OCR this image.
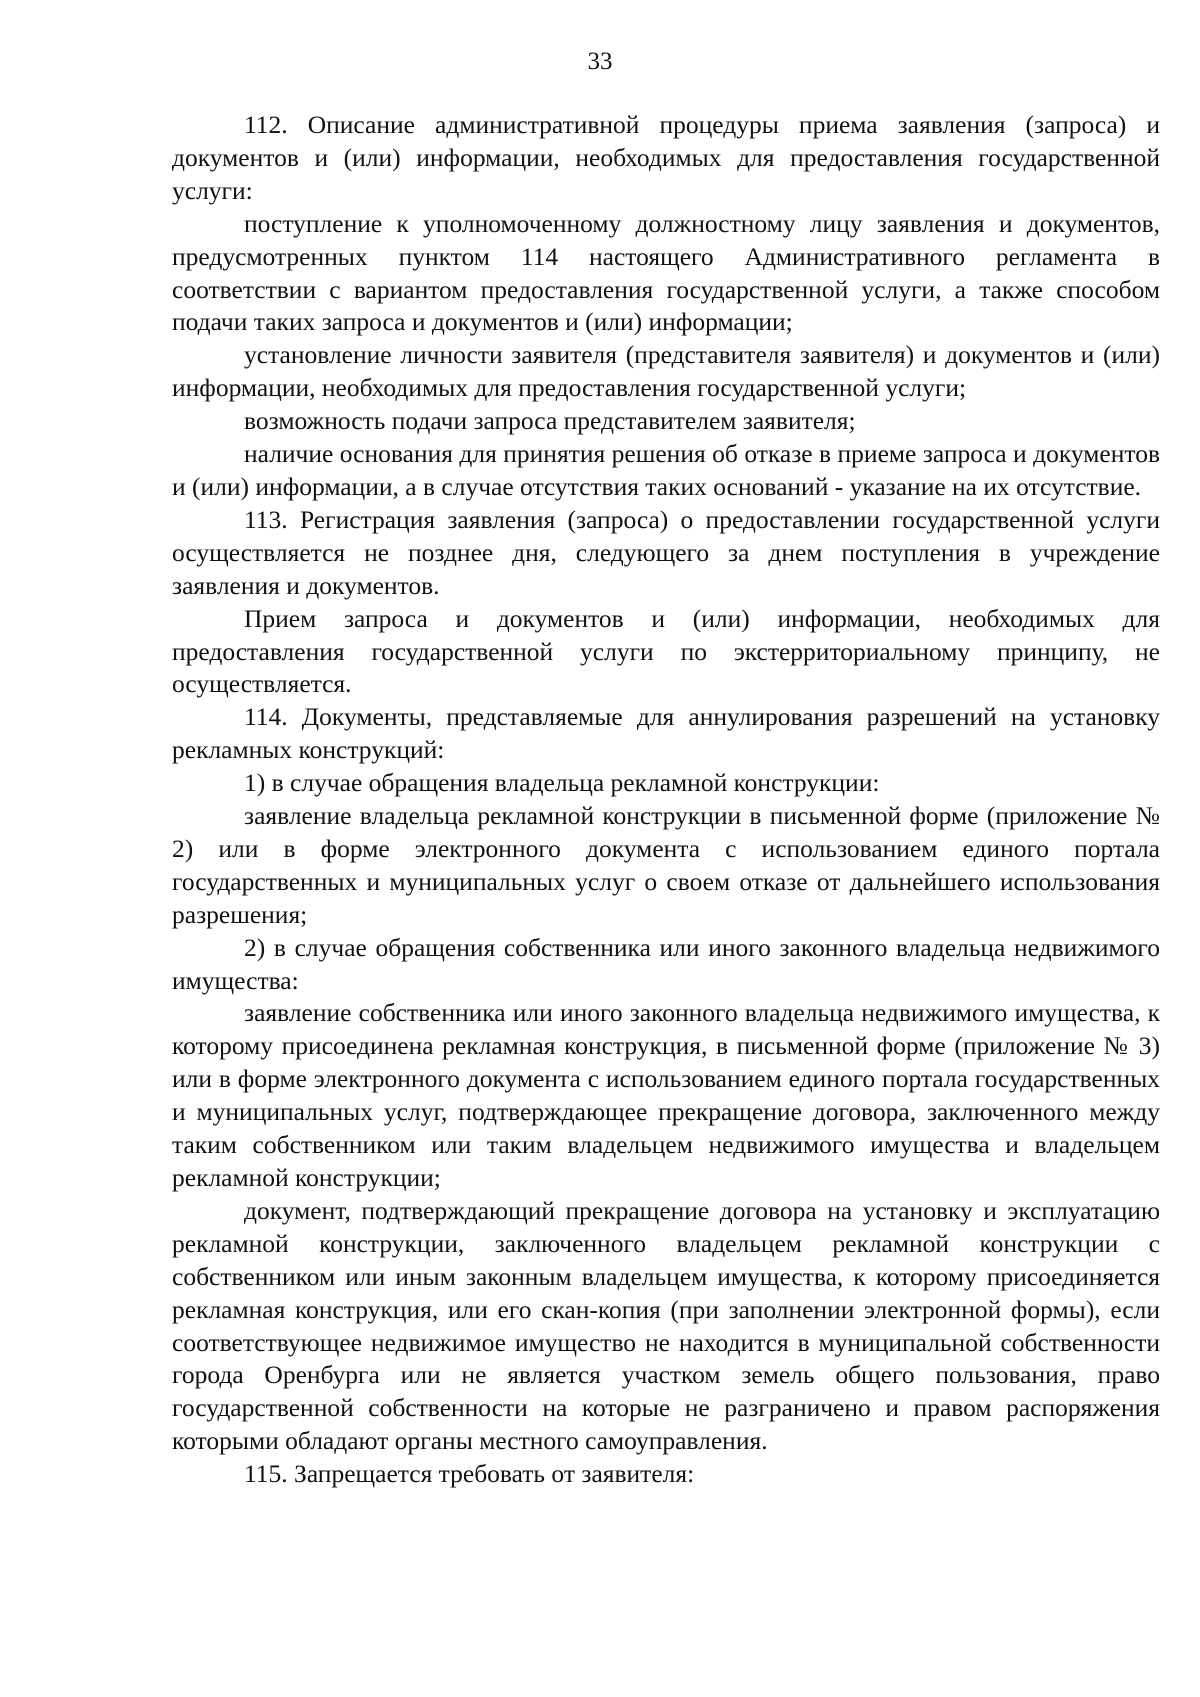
33

112. Описание административной процедуры приема заявления (запроса) и документов и (или) информации, необходимых для предоставления государственной услуги:

поступление к уполномоченному должностному лицу заявления и документов, предусмотренных пунктом 114 настоящего Административного регламента в соответствии с вариантом предоставления государственной услуги, а также способом подачи таких запроса и документов и (или) информации;

установление личности заявителя (представителя заявителя) и документов и (или) информации, необходимых для предоставления государственной услуги;

возможность подачи запроса представителем заявителя;

наличие основания для принятия решения об отказе в приеме запроса и документов и (или) информации, а в случае отсутствия таких оснований - указание на их отсутствие.

113. Регистрация заявления (запроса) о предоставлении государственной услуги осуществляется не позднее дня, следующего за днем поступления в учреждение заявления и документов.

Прием запроса и документов и (или) информации, необходимых для предоставления государственной услуги по экстерриториальному принципу, не осуществляется.

114. Документы, представляемые для аннулирования разрешений на установку рекламных конструкций:

1) в случае обращения владельца рекламной конструкции:

заявление владельца рекламной конструкции в письменной форме (приложение № 2) или в форме электронного документа с использованием единого портала государственных и муниципальных услуг о своем отказе от дальнейшего использования разрешения;

2) в случае обращения собственника или иного законного владельца недвижимого имущества:

заявление собственника или иного законного владельца недвижимого имущества, к которому присоединена рекламная конструкция, в письменной форме (приложение № 3) или в форме электронного документа с использованием единого портала государственных и муниципальных услуг, подтверждающее прекращение договора, заключенного между таким собственником или таким владельцем недвижимого имущества и владельцем рекламной конструкции;

документ, подтверждающий прекращение договора на установку и эксплуатацию рекламной конструкции, заключенного владельцем рекламной конструкции с собственником или иным законным владельцем имущества, к которому присоединяется рекламная конструкция, или его скан-копия (при заполнении электронной формы), если соответствующее недвижимое имущество не находится в муниципальной собственности города Оренбурга или не является участком земель общего пользования, право государственной собственности на которые не разграничено и правом распоряжения которыми обладают органы местного самоуправления.

115. Запрещается требовать от заявителя:
